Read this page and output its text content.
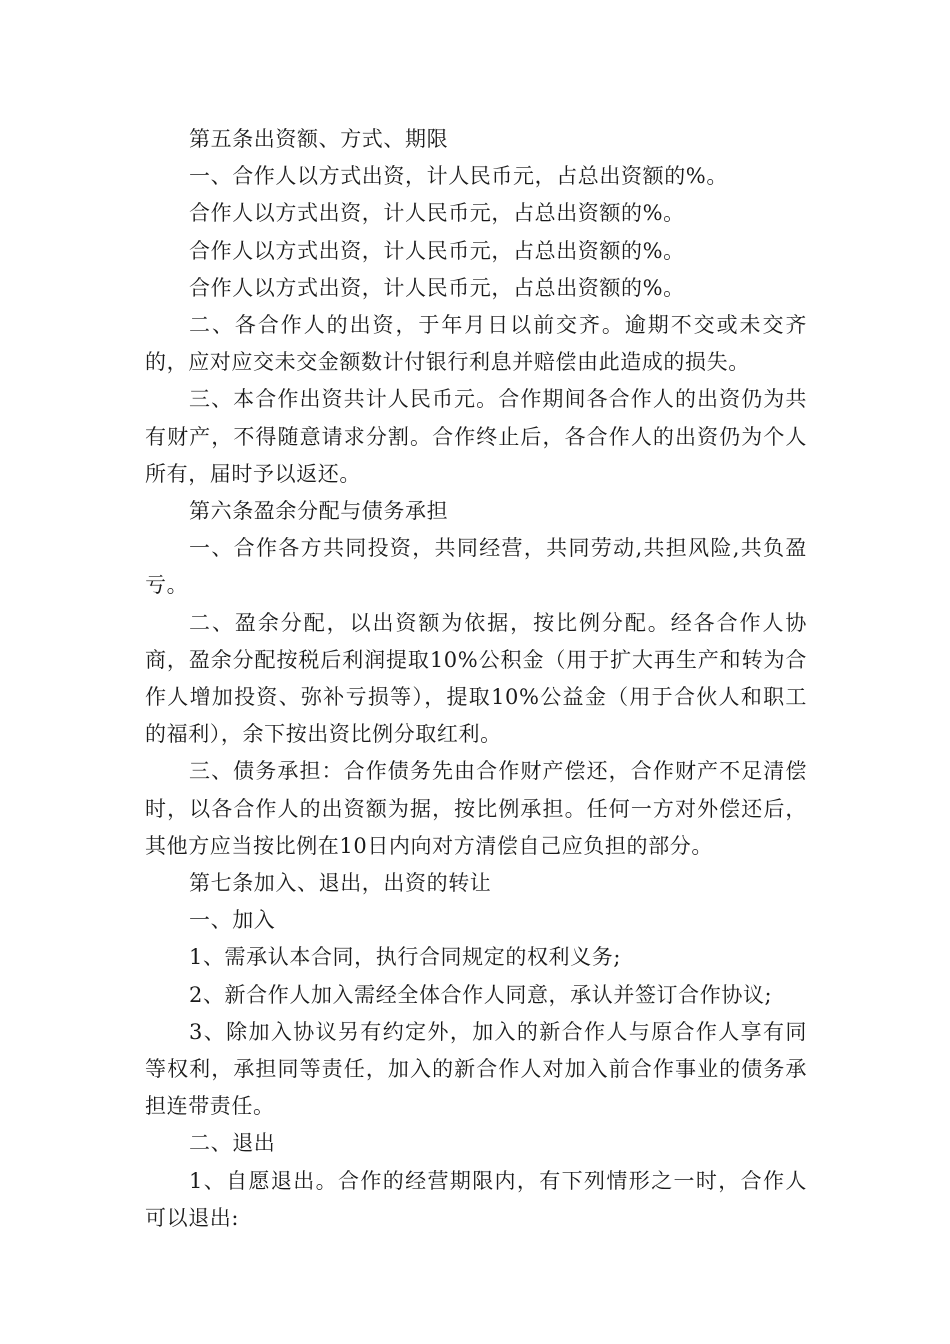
第五条出资额、方式、期限

一、合作人以方式出资，计人民币元，占总出资额的%。

合作人以方式出资，计人民币元，占总出资额的%。

合作人以方式出资，计人民币元，占总出资额的%。

合作人以方式出资，计人民币元，占总出资额的%。

二、各合作人的出资，于年月日以前交齐。逾期不交或未交齐的，应对应交未交金额数计付银行利息并赔偿由此造成的损失。

三、本合作出资共计人民币元。合作期间各合作人的出资仍为共有财产，不得随意请求分割。合作终止后，各合作人的出资仍为个人所有，届时予以返还。

第六条盈余分配与债务承担

一、合作各方共同投资，共同经营，共同劳动,共担风险,共负盈亏。

二、盈余分配，以出资额为依据，按比例分配。经各合作人协商，盈余分配按税后利润提取10%公积金（用于扩大再生产和转为合作人增加投资、弥补亏损等），提取10%公益金（用于合伙人和职工的福利），余下按出资比例分取红利。

三、债务承担：合作债务先由合作财产偿还，合作财产不足清偿时，以各合作人的出资额为据，按比例承担。任何一方对外偿还后，其他方应当按比例在10日内向对方清偿自己应负担的部分。

第七条加入、退出，出资的转让

一、加入

1、需承认本合同，执行合同规定的权利义务;

2、新合作人加入需经全体合作人同意，承认并签订合作协议;

3、除加入协议另有约定外，加入的新合作人与原合作人享有同等权利，承担同等责任，加入的新合作人对加入前合作事业的债务承担连带责任。

二、退出

1、自愿退出。合作的经营期限内，有下列情形之一时，合作人可以退出:
